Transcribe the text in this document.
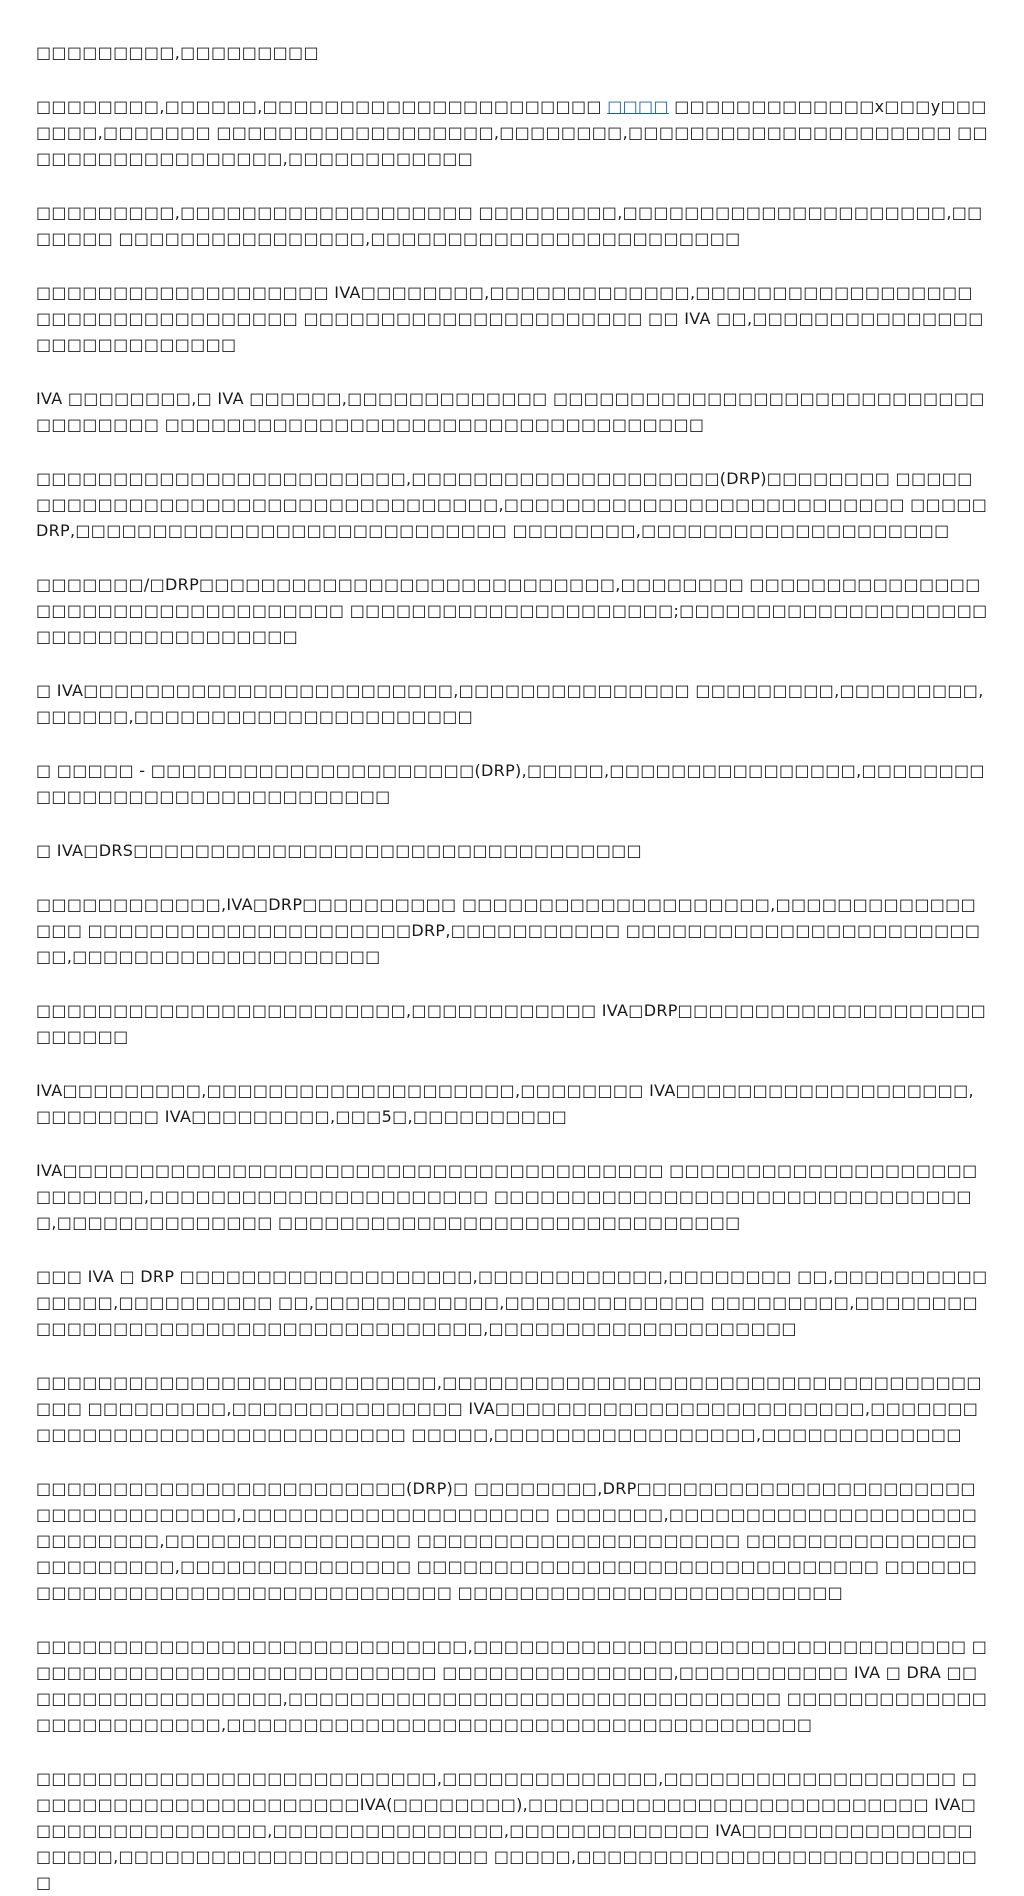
□□□□□□□□□,□□□□□□□□□

□□□□□□□□,□□□□□□,□□□□□□□□□□□□□□□□□□□□□□ □□□□ □□□□□□□□□□□□□x□□□y□□□□□□□,□□□□□□□ □□□□□□□□□□□□□□□□□□,□□□□□□□□,□□□□□□□□□□□□□□□□□□□□□ □□□□□□□□□□□□□□□□□□,□□□□□□□□□□□□

□□□□□□□□□,□□□□□□□□□□□□□□□□□□□ □□□□□□□□□,□□□□□□□□□□□□□□□□□□□□□,□□□□□□□ □□□□□□□□□□□□□□□□,□□□□□□□□□□□□□□□□□□□□□□□□

□□□□□□□□□□□□□□□□□□□ IVA□□□□□□□□,□□□□□□□□□□□□□,□□□□□□□□□□□□□□□□□□□□□□□□□□□□□□□□□□□ □□□□□□□□□□□□□□□□□□□□□□ □□ IVA □□,□□□□□□□□□□□□□□□□□□□□□□□□□□□□

IVA □□□□□□□□,□ IVA □□□□□□,□□□□□□□□□□□□□ □□□□□□□□□□□□□□□□□□□□□□□□□□□□□□□□□□□□ □□□□□□□□□□□□□□□□□□□□□□□□□□□□□□□□□□□

□□□□□□□□□□□□□□□□□□□□□□□□,□□□□□□□□□□□□□□□□□□□□(DRP)□□□□□□□□ □□□□□□□□□□□□□□□□□□□□□□□□□□□□□□□□□□□,□□□□□□□□□□□□□□□□□□□□□□□□□□ □□□□□DRP,□□□□□□□□□□□□□□□□□□□□□□□□□□□□ □□□□□□□□,□□□□□□□□□□□□□□□□□□□□

□□□□□□□/□DRP□□□□□□□□□□□□□□□□□□□□□□□□□□□,□□□□□□□□ □□□□□□□□□□□□□□□□□□□□□□□□□□□□□□□□□□□ □□□□□□□□□□□□□□□□□□□□□;□□□□□□□□□□□□□□□□□□□□□□□□□□□□□□□□□□□□□

□ IVA□□□□□□□□□□□□□□□□□□□□□□□□,□□□□□□□□□□□□□□□ □□□□□□□□□,□□□□□□□□□,□□□□□□,□□□□□□□□□□□□□□□□□□□□□□

□ □□□□□ - □□□□□□□□□□□□□□□□□□□□□(DRP),□□□□□,□□□□□□□□□□□□□□□□,□□□□□□□□□□□□□□□□□□□□□□□□□□□□□□□

□ IVA□DRS□□□□□□□□□□□□□□□□□□□□□□□□□□□□□□□□□

□□□□□□□□□□□□,IVA□DRP□□□□□□□□□□ □□□□□□□□□□□□□□□□□□□□,□□□□□□□□□□□□□□□□ □□□□□□□□□□□□□□□□□□□□□DRP,□□□□□□□□□□□ □□□□□□□□□□□□□□□□□□□□□□□□□,□□□□□□□□□□□□□□□□□□□□

□□□□□□□□□□□□□□□□□□□□□□□□,□□□□□□□□□□□□ IVA□DRP□□□□□□□□□□□□□□□□□□□□□□□□□□

IVA□□□□□□□□□,□□□□□□□□□□□□□□□□□□□□,□□□□□□□□ IVA□□□□□□□□□□□□□□□□□□□,□□□□□□□□ IVA□□□□□□□□□,□□□5□,□□□□□□□□□□

IVA□□□□□□□□□□□□□□□□□□□□□□□□□□□□□□□□□□□□□□□ □□□□□□□□□□□□□□□□□□□□□□□□□□□,□□□□□□□□□□□□□□□□□□□□□□ □□□□□□□□□□□□□□□□□□□□□□□□□□□□□□□□,□□□□□□□□□□□□□□ □□□□□□□□□□□□□□□□□□□□□□□□□□□□□□

□□□ IVA □ DRP □□□□□□□□□□□□□□□□□□□,□□□□□□□□□□□□,□□□□□□□□ □□,□□□□□□□□□□□□□□□,□□□□□□□□□□ □□,□□□□□□□□□□□□,□□□□□□□□□□□□□ □□□□□□□□□,□□□□□□□□□□□□□□□□□□□□□□□□□□□□□□□□□□□□□,□□□□□□□□□□□□□□□□□□□□

□□□□□□□□□□□□□□□□□□□□□□□□□□,□□□□□□□□□□□□□□□□□□□□□□□□□□□□□□□□□□□□□□ □□□□□□□□□,□□□□□□□□□□□□□□□ IVA□□□□□□□□□□□□□□□□□□□□□□□□,□□□□□□□□□□□□□□□□□□□□□□□□□□□□□□□ □□□□□,□□□□□□□□□□□□□□□□□,□□□□□□□□□□□□□

□□□□□□□□□□□□□□□□□□□□□□□□(DRP)□ □□□□□□□□,DRP□□□□□□□□□□□□□□□□□□□□□□□□□□□□□□□□□□□,□□□□□□□□□□□□□□□□□□□□ □□□□□□□,□□□□□□□□□□□□□□□□□□□□□□□□□□□□,□□□□□□□□□□□□□□□□ □□□□□□□□□□□□□□□□□□□□□ □□□□□□□□□□□□□□□□□□□□□□□□,□□□□□□□□□□□□□□□ □□□□□□□□□□□□□□□□□□□□□□□□□□□□□□ □□□□□□□□□□□□□□□□□□□□□□□□□□□□□□□□□ □□□□□□□□□□□□□□□□□□□□□□□□□

□□□□□□□□□□□□□□□□□□□□□□□□□□□□,□□□□□□□□□□□□□□□□□□□□□□□□□□□□□□□□ □□□□□□□□□□□□□□□□□□□□□□□□□□□ □□□□□□□□□□□□□□□,□□□□□□□□□□□ IVA □ DRA □□□□□□□□□□□□□□□□□□,□□□□□□□□□□□□□□□□□□□□□□□□□□□□□□□□ □□□□□□□□□□□□□□□□□□□□□□□□□,□□□□□□□□□□□□□□□□□□□□□□□□□□□□□□□□□□□□□□

□□□□□□□□□□□□□□□□□□□□□□□□□□,□□□□□□□□□□□□□□,□□□□□□□□□□□□□□□□□□□ □□□□□□□□□□□□□□□□□□□□□□IVA(□□□□□□□□),□□□□□□□□□□□□□□□□□□□□□□□□□□ IVA□□□□□□□□□□□□□□□□,□□□□□□□□□□□□□□□,□□□□□□□□□□□□□ IVA□□□□□□□□□□□□□□□□□□□□,□□□□□□□□□□□□□□□□□□□□□□□□ □□□□□,□□□□□□□□□□□□□□□□□□□□□□□□□□□
